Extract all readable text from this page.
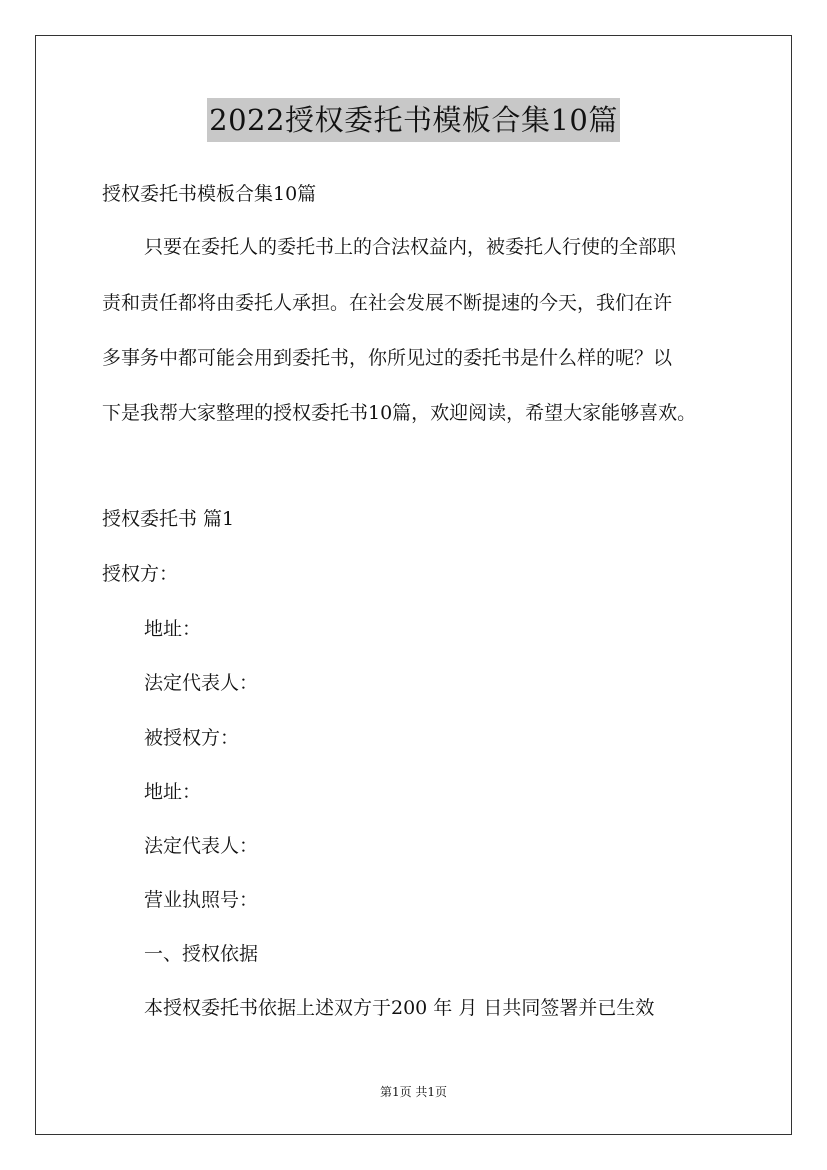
2022授权委托书模板合集10篇
授权委托书模板合集10篇
只要在委托人的委托书上的合法权益内，被委托人行使的全部职
责和责任都将由委托人承担。在社会发展不断提速的今天，我们在许
多事务中都可能会用到委托书，你所见过的委托书是什么样的呢？以
下是我帮大家整理的授权委托书10篇，欢迎阅读，希望大家能够喜欢。
授权委托书 篇1
授权方：
地址：
法定代表人：
被授权方：
地址：
法定代表人：
营业执照号：
一、授权依据
本授权委托书依据上述双方于200 年 月 日共同签署并已生效
第1页 共1页
